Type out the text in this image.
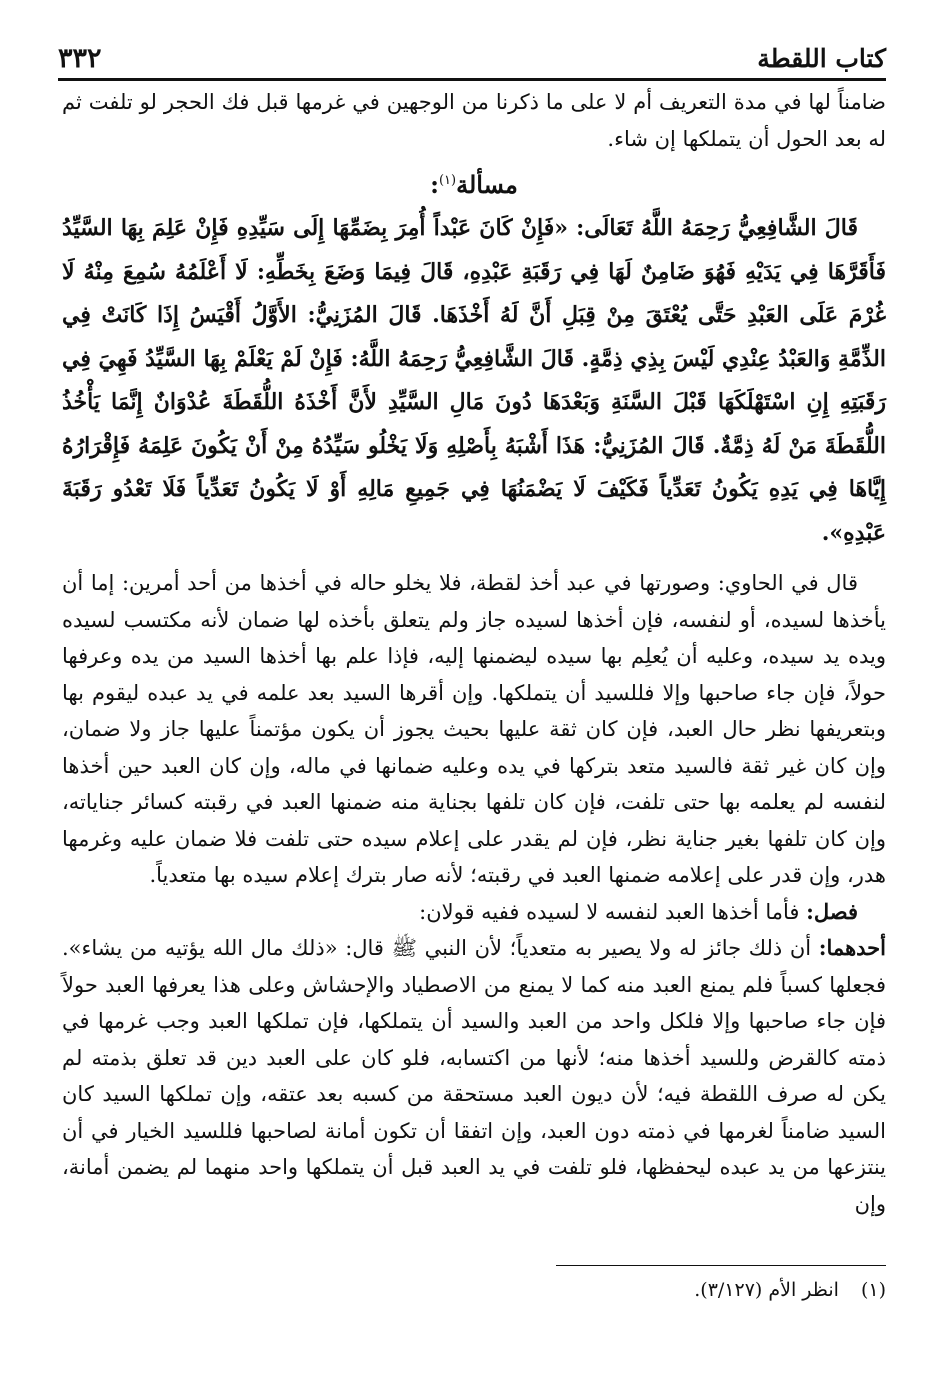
٣٣٢	كتاب اللقطة

ضامناً لها في مدة التعريف أم لا على ما ذكرنا من الوجهين في غرمها قبل فك الحجر لو تلفت ثم له بعد الحول أن يتملكها إن شاء.

مسألة$^{(١)}$:

قَالَ الشَّافِعِيُّ رَحِمَهُ اللَّهُ تَعَالَى: «فَإِنْ كَانَ عَبْداً أُمِرَ بِضَمِّهَا إِلَى سَيِّدِهِ فَإِنْ عَلِمَ بِهَا السَّيِّدُ فَأَقَرَّهَا فِي يَدَيْهِ فَهُوَ ضَامِنٌ لَهَا فِي رَقَبَةِ عَبْدِهِ، قَالَ فِيمَا وَضَعَ بِخَطِّهِ: لَا أَعْلَمُهُ سُمِعَ مِنْهُ لَا غُرْمَ عَلَى العَبْدِ حَتَّى يُعْتَقَ مِنْ قِبَلِ أَنَّ لَهُ أَخْذَهَا. قَالَ المُزَنِيُّ: الأَوَّلُ أَقْيَسُ إِذَا كَانَتْ فِي الذِّمَّةِ وَالعَبْدُ عِنْدِي لَيْسَ بِذِي ذِمَّةٍ. قَالَ الشَّافِعِيُّ رَحِمَهُ اللَّهُ: فَإِنْ لَمْ يَعْلَمْ بِهَا السَّيِّدُ فَهِيَ فِي رَقَبَتِهِ إِنِ اسْتَهْلَكَهَا قَبْلَ السَّنَةِ وَبَعْدَهَا دُونَ مَالِ السَّيِّدِ لأَنَّ أَخْذَهُ اللُّقَطَةَ عُدْوَانٌ إِنَّمَا يَأْخُذُ اللُّقَطَةَ مَنْ لَهُ ذِمَّةٌ. قَالَ المُزَنِيُّ: هَذَا أَشْبَهُ بِأَصْلِهِ وَلَا يَخْلُو سَيِّدُهُ مِنْ أَنْ يَكُونَ عَلِمَهُ فَإِقْرَارُهُ إِيَّاهَا فِي يَدِهِ يَكُونُ تَعَدِّياً فَكَيْفَ لَا يَضْمَنُهَا فِي جَمِيعِ مَالِهِ أَوْ لَا يَكُونُ تَعَدِّياً فَلَا تَعْدُو رَقَبَةَ عَبْدِهِ».

قال في الحاوي: وصورتها في عبد أخذ لقطة، فلا يخلو حاله في أخذها من أحد أمرين: إما أن يأخذها لسيده، أو لنفسه، فإن أخذها لسيده جاز ولم يتعلق بأخذه لها ضمان لأنه مكتسب لسيده ويده يد سيده، وعليه أن يُعلِم بها سيده ليضمنها إليه، فإذا علم بها أخذها السيد من يده وعرفها حولاً، فإن جاء صاحبها وإلا فللسيد أن يتملكها. وإن أقرها السيد بعد علمه في يد عبده ليقوم بها وبتعريفها نظر حال العبد، فإن كان ثقة عليها بحيث يجوز أن يكون مؤتمناً عليها جاز ولا ضمان، وإن كان غير ثقة فالسيد متعد بتركها في يده وعليه ضمانها في ماله، وإن كان العبد حين أخذها لنفسه لم يعلمه بها حتى تلفت، فإن كان تلفها بجناية منه ضمنها العبد في رقبته كسائر جناياته، وإن كان تلفها بغير جناية نظر، فإن لم يقدر على إعلام سيده حتى تلفت فلا ضمان عليه وغرمها هدر، وإن قدر على إعلامه ضمنها العبد في رقبته؛ لأنه صار بترك إعلام سيده بها متعدياً.

فصل: فأما أخذها العبد لنفسه لا لسيده ففيه قولان:

أحدهما: أن ذلك جائز له ولا يصير به متعدياً؛ لأن النبي ﷺ قال: «ذلك مال الله يؤتيه من يشاء». فجعلها كسباً فلم يمنع العبد منه كما لا يمنع من الاصطياد والإحشاش وعلى هذا يعرفها العبد حولاً فإن جاء صاحبها وإلا فلكل واحد من العبد والسيد أن يتملكها، فإن تملكها العبد وجب غرمها في ذمته كالقرض وللسيد أخذها منه؛ لأنها من اكتسابه، فلو كان على العبد دين قد تعلق بذمته لم يكن له صرف اللقطة فيه؛ لأن ديون العبد مستحقة من كسبه بعد عتقه، وإن تملكها السيد كان السيد ضامناً لغرمها في ذمته دون العبد، وإن اتفقا أن تكون أمانة لصاحبها فللسيد الخيار في أن ينتزعها من يد عبده ليحفظها، فلو تلفت في يد العبد قبل أن يتملكها واحد منهما لم يضمن أمانة، وإن

(١)انظر الأم (٣/١٢٧).
